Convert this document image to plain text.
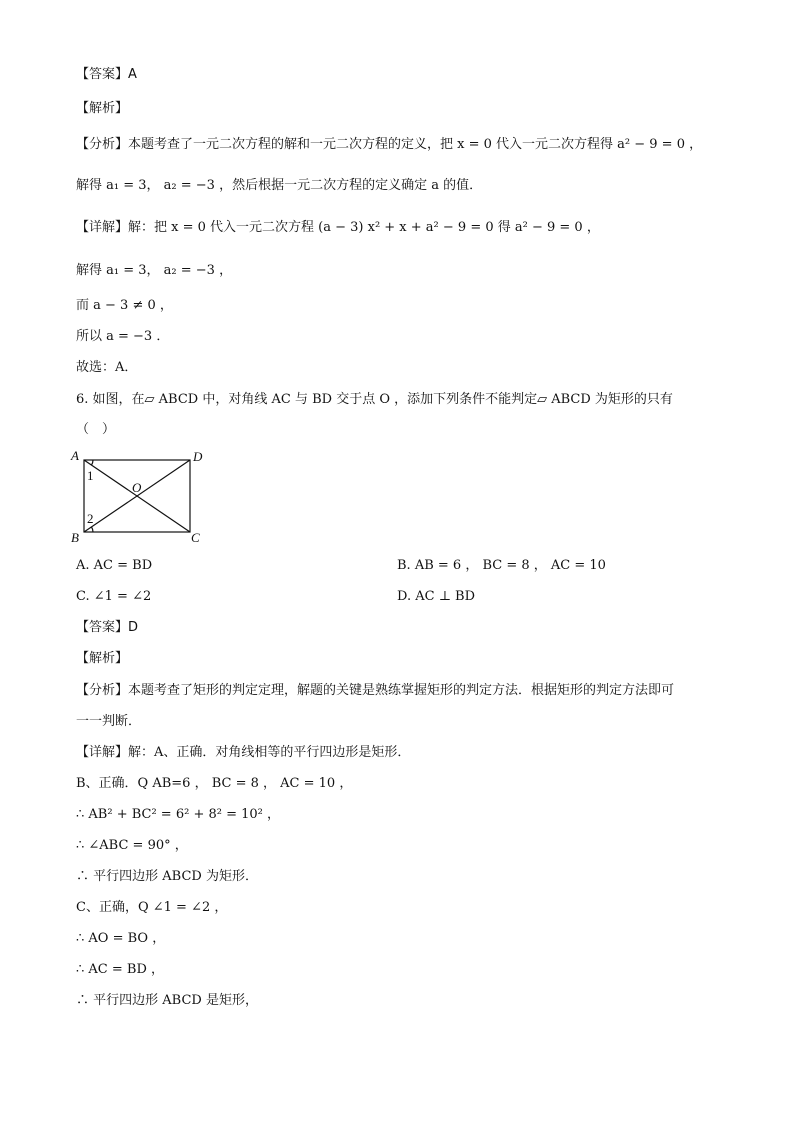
【答案】A
【解析】
【分析】本题考查了一元二次方程的解和一元二次方程的定义，把 x = 0 代入一元二次方程得 a² − 9 = 0 ，
解得 a₁ = 3， a₂ = −3 ，然后根据一元二次方程的定义确定 a 的值．
【详解】解：把 x = 0 代入一元二次方程 (a − 3) x² + x + a² − 9 = 0 得 a² − 9 = 0 ，
解得 a₁ = 3， a₂ = −3 ，
而 a − 3 ≠ 0 ，
所以 a = −3 ．
故选：A．
6. 如图，在▱ ABCD 中，对角线 AC 与 BD 交于点 O ，添加下列条件不能判定▱ ABCD 为矩形的只有
（　）
A	D
B	C
O
1
2
A. AC = BD	B. AB = 6 ， BC = 8 ， AC = 10
C. ∠1 = ∠2	D. AC ⊥ BD
【答案】D
【解析】
【分析】本题考查了矩形的判定定理，解题的关键是熟练掌握矩形的判定方法．根据矩形的判定方法即可
一一判断．
【详解】解：A、正确．对角线相等的平行四边形是矩形．
B、正确．Q AB=6 ， BC = 8 ， AC = 10 ，
∴ AB² + BC² = 6² + 8² = 10² ，
∴ ∠ABC = 90° ，
∴ 平行四边形 ABCD 为矩形．
C、正确，Q ∠1 = ∠2 ，
∴ AO = BO ，
∴ AC = BD ，
∴ 平行四边形 ABCD 是矩形，
